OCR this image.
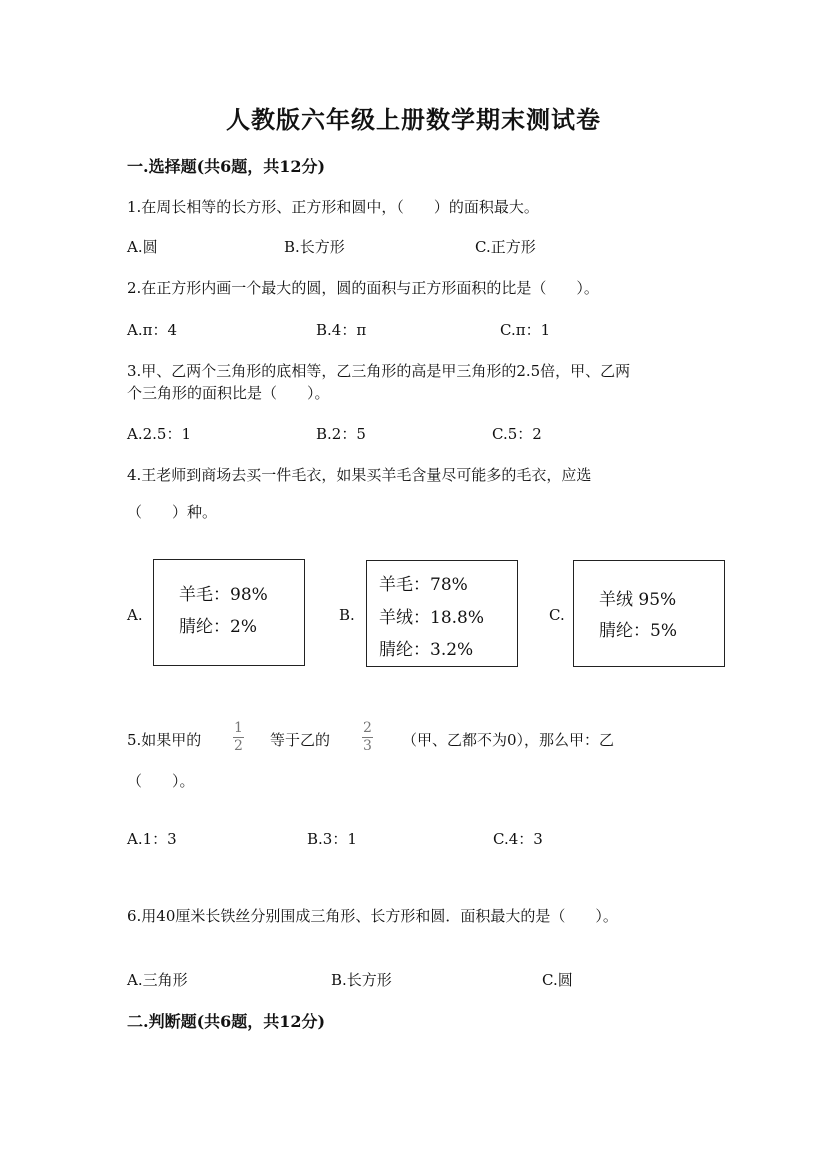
人教版六年级上册数学期末测试卷
一.选择题(共6题，共12分)
1.在周长相等的长方形、正方形和圆中，（　　）的面积最大。
A.圆	B.长方形	C.正方形
2.在正方形内画一个最大的圆，圆的面积与正方形面积的比是（　　）。
A.π：4	B.4：π	C.π：1
3.甲、乙两个三角形的底相等，乙三角形的高是甲三角形的2.5倍，甲、乙两
个三角形的面积比是（　　）。
A.2.5：1	B.2：5	C.5：2
4.王老师到商场去买一件毛衣，如果买羊毛含量尽可能多的毛衣，应选
（　　）种。
A.
羊毛：98%
腈纶：2%
B.
羊毛：78%
羊绒：18.8%
腈纶：3.2%
C.
羊绒 95%
腈纶：5%
5.如果甲的
1
2 等于乙的
2
3 （甲、乙都不为0），那么甲：乙
（　　）。
A.1：3	B.3：1	C.4：3
6.用40厘米长铁丝分别围成三角形、长方形和圆．面积最大的是（　　）。
A.三角形	B.长方形	C.圆
二.判断题(共6题，共12分)
